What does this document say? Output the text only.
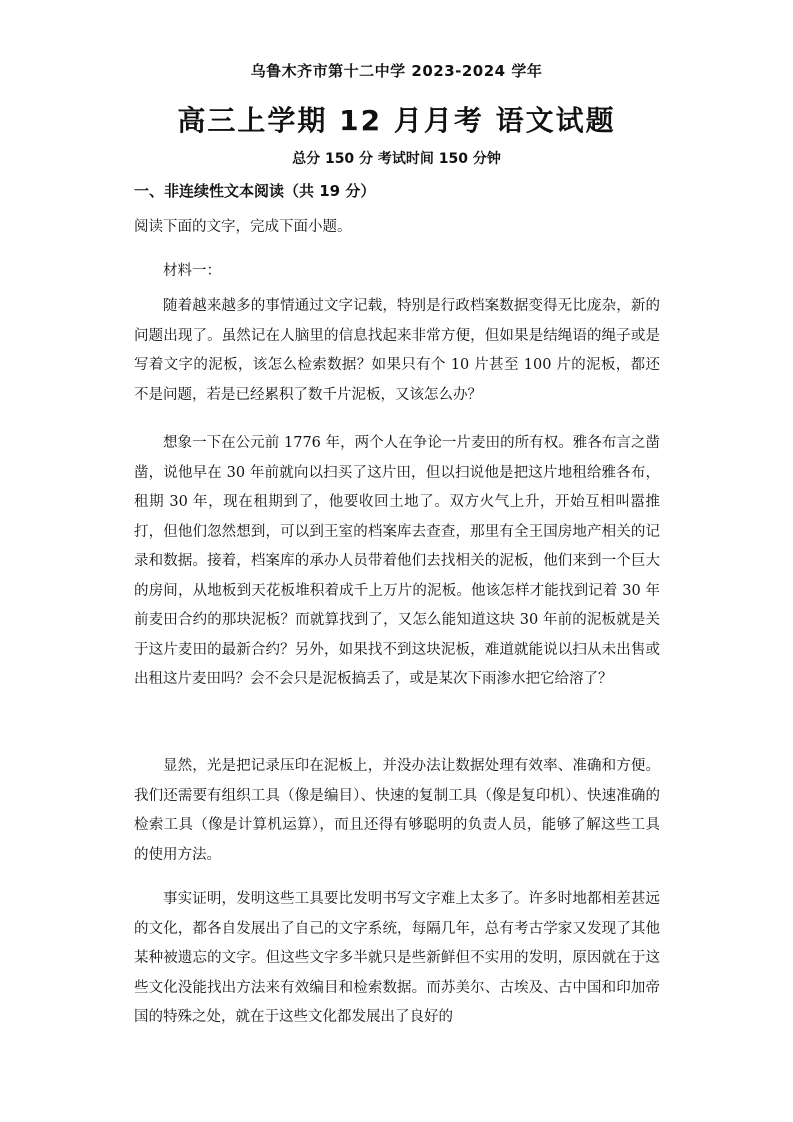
乌鲁木齐市第十二中学 2023-2024 学年
高三上学期 12 月月考 语文试题
总分 150 分 考试时间 150 分钟
一、非连续性文本阅读（共 19 分）
阅读下面的文字，完成下面小题。
材料一：

随着越来越多的事情通过文字记载，特别是行政档案数据变得无比庞杂，新的问题出现了。虽然记在人脑里的信息找起来非常方便，但如果是结绳语的绳子或是写着文字的泥板，该怎么检索数据？如果只有个 10 片甚至 100 片的泥板，都还不是问题，若是已经累积了数千片泥板，又该怎么办？

想象一下在公元前 1776 年，两个人在争论一片麦田的所有权。雅各布言之凿凿，说他早在 30 年前就向以扫买了这片田，但以扫说他是把这片地租给雅各布，租期 30 年，现在租期到了，他要收回土地了。双方火气上升，开始互相叫嚣推打，但他们忽然想到，可以到王室的档案库去查查，那里有全王国房地产相关的记录和数据。接着，档案库的承办人员带着他们去找相关的泥板，他们来到一个巨大的房间，从地板到天花板堆积着成千上万片的泥板。他该怎样才能找到记着 30 年前麦田合约的那块泥板？而就算找到了，又怎么能知道这块 30 年前的泥板就是关于这片麦田的最新合约？另外，如果找不到这块泥板，难道就能说以扫从未出售或出租这片麦田吗？会不会只是泥板搞丢了，或是某次下雨渗水把它给溶了？

显然，光是把记录压印在泥板上，并没办法让数据处理有效率、准确和方便。我们还需要有组织工具（像是编目）、快速的复制工具（像是复印机）、快速准确的检索工具（像是计算机运算），而且还得有够聪明的负责人员，能够了解这些工具的使用方法。

事实证明，发明这些工具要比发明书写文字难上太多了。许多时地都相差甚远的文化，都各自发展出了自己的文字系统，每隔几年，总有考古学家又发现了其他某种被遗忘的文字。但这些文字多半就只是些新鲜但不实用的发明，原因就在于这些文化没能找出方法来有效编目和检索数据。而苏美尔、古埃及、古中国和印加帝国的特殊之处，就在于这些文化都发展出了良好的
